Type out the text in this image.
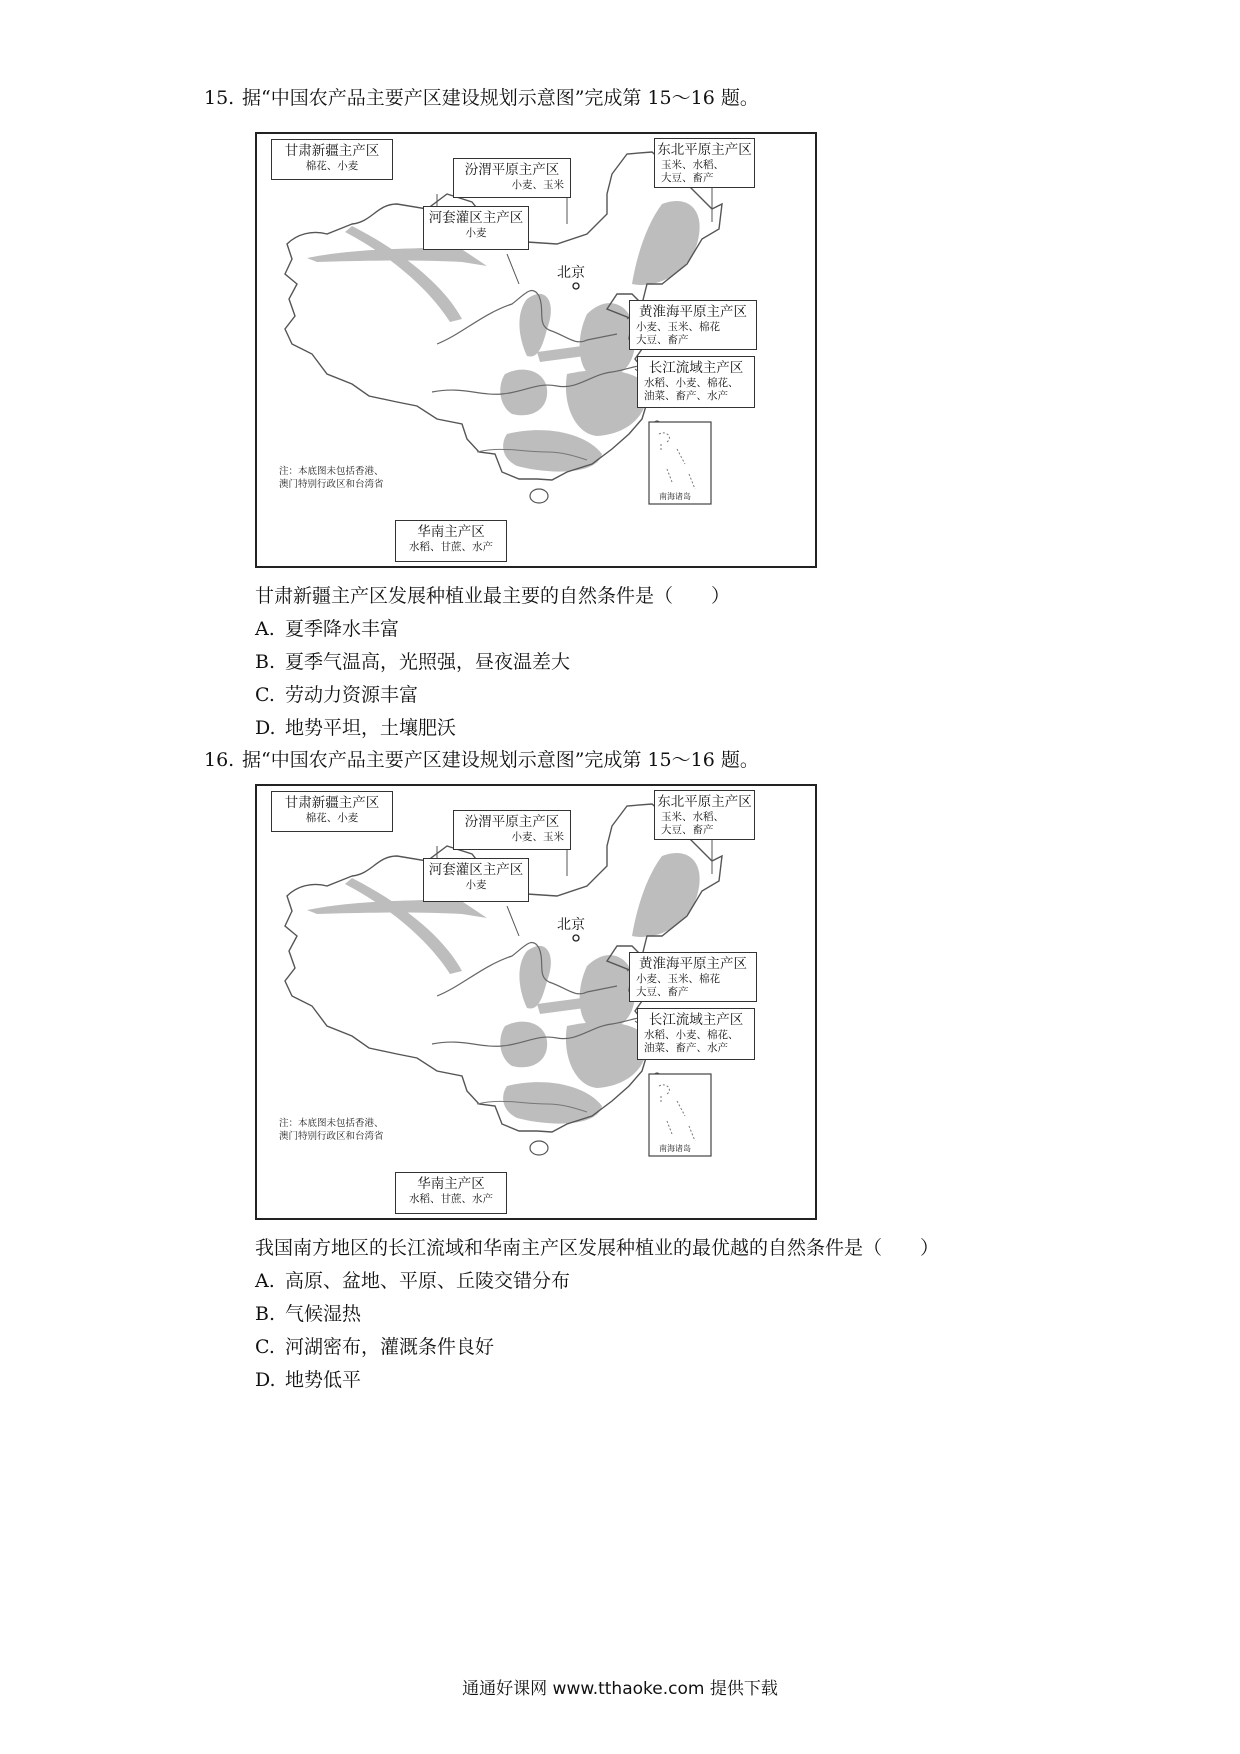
15. 据“中国农产品主要产区建设规划示意图”完成第 15～16 题。
甘肃新疆主产区
棉花、小麦	汾渭平原主产区
小麦、玉米
河套灌区主产区
小麦
东北平原主产区
玉米、水稻、
大豆、畜产
黄淮海平原主产区
小麦、玉米、棉花
大豆、畜产
长江流域主产区
水稻、小麦、棉花、
油菜、畜产、水产
华南主产区
水稻、甘蔗、水产
北京
注：本底图未包括香港、
澳门特别行政区和台湾省
南海诸岛
甘肃新疆主产区发展种植业最主要的自然条件是（　　）
A. 夏季降水丰富
B. 夏季气温高，光照强，昼夜温差大
C. 劳动力资源丰富
D. 地势平坦，土壤肥沃
16. 据“中国农产品主要产区建设规划示意图”完成第 15～16 题。
甘肃新疆主产区
棉花、小麦	汾渭平原主产区
小麦、玉米
河套灌区主产区
小麦
东北平原主产区
玉米、水稻、
大豆、畜产
黄淮海平原主产区
小麦、玉米、棉花
大豆、畜产
长江流域主产区
水稻、小麦、棉花、
油菜、畜产、水产
华南主产区
水稻、甘蔗、水产
北京
注：本底图未包括香港、
澳门特别行政区和台湾省
南海诸岛
我国南方地区的长江流域和华南主产区发展种植业的最优越的自然条件是（　　）
A. 高原、盆地、平原、丘陵交错分布
B. 气候湿热
C. 河湖密布，灌溉条件良好
D. 地势低平
通通好课网 www.tthaoke.com 提供下载
